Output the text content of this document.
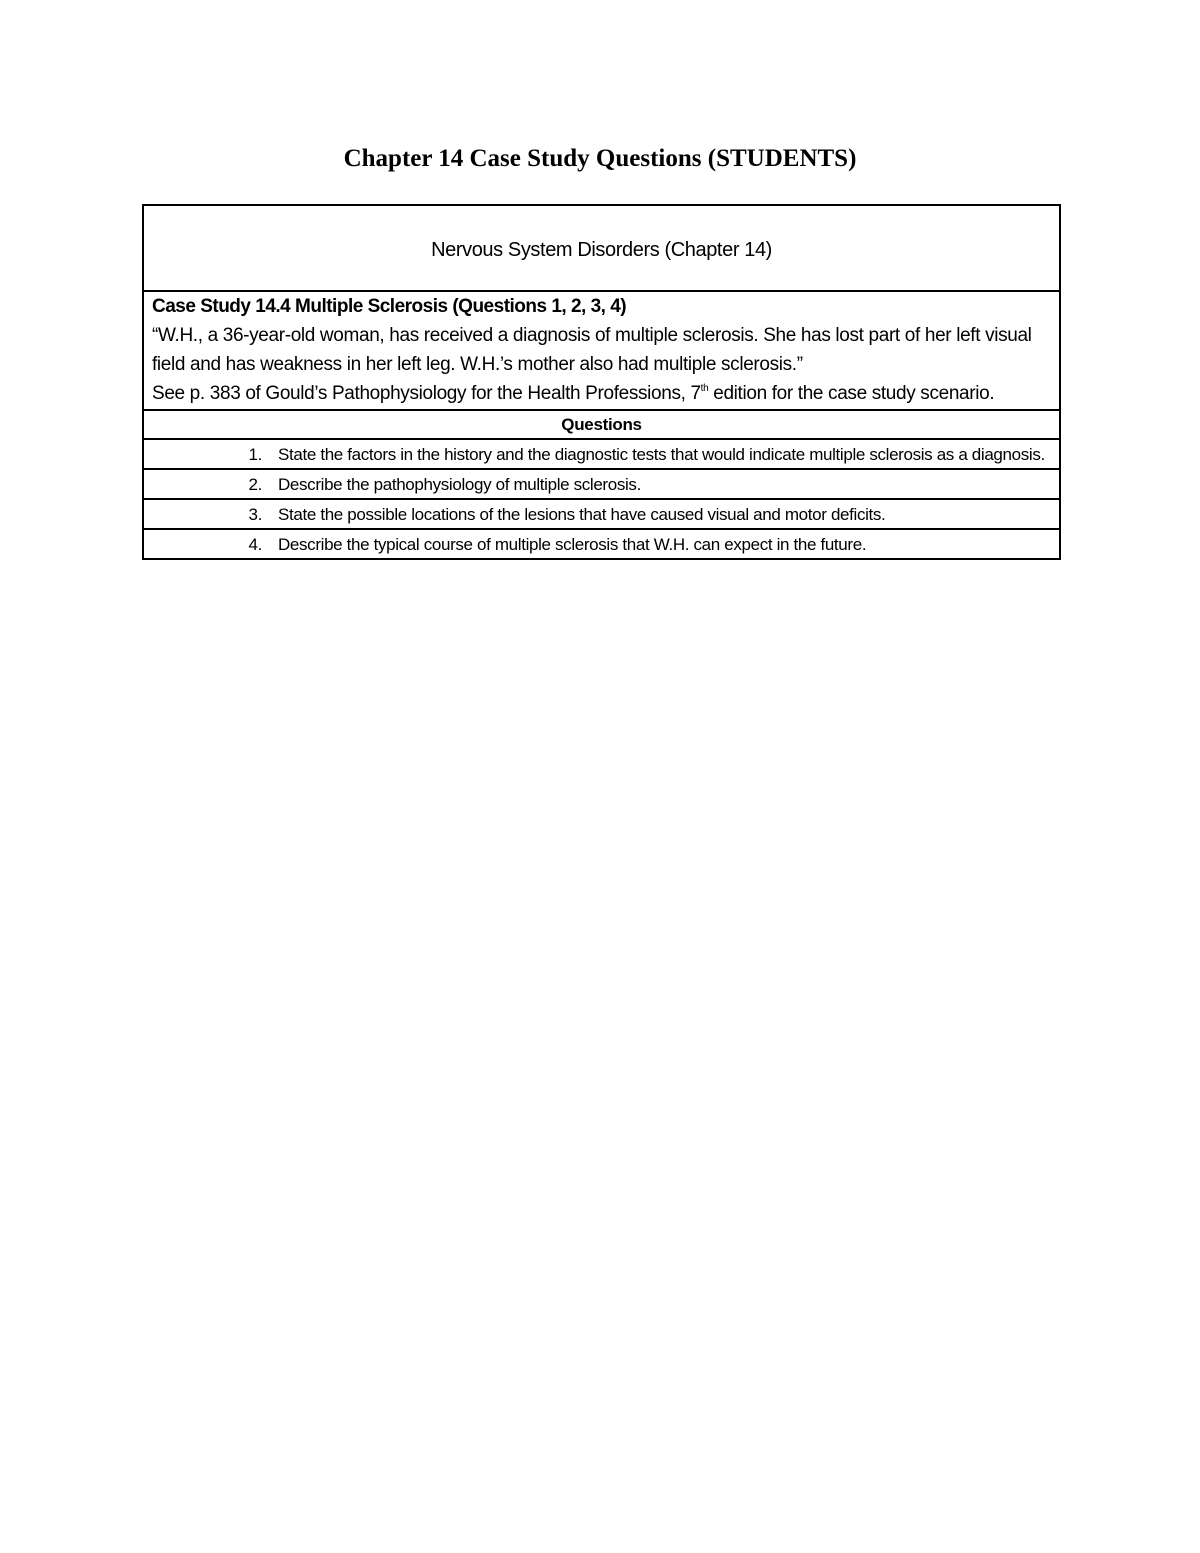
Chapter 14 Case Study Questions (STUDENTS)
Nervous System Disorders (Chapter 14)

Case Study 14.4 Multiple Sclerosis (Questions 1, 2, 3, 4)
“W.H., a 36-year-old woman, has received a diagnosis of multiple sclerosis. She has lost part of her left visual field and has weakness in her left leg. W.H.’s mother also had multiple sclerosis.”
See p. 383 of Gould’s Pathophysiology for the Health Professions, 7th edition for the case study scenario.

Questions

1. State the factors in the history and the diagnostic tests that would indicate multiple sclerosis as a diagnosis.

2. Describe the pathophysiology of multiple sclerosis.

3. State the possible locations of the lesions that have caused visual and motor deficits.

4. Describe the typical course of multiple sclerosis that W.H. can expect in the future.
